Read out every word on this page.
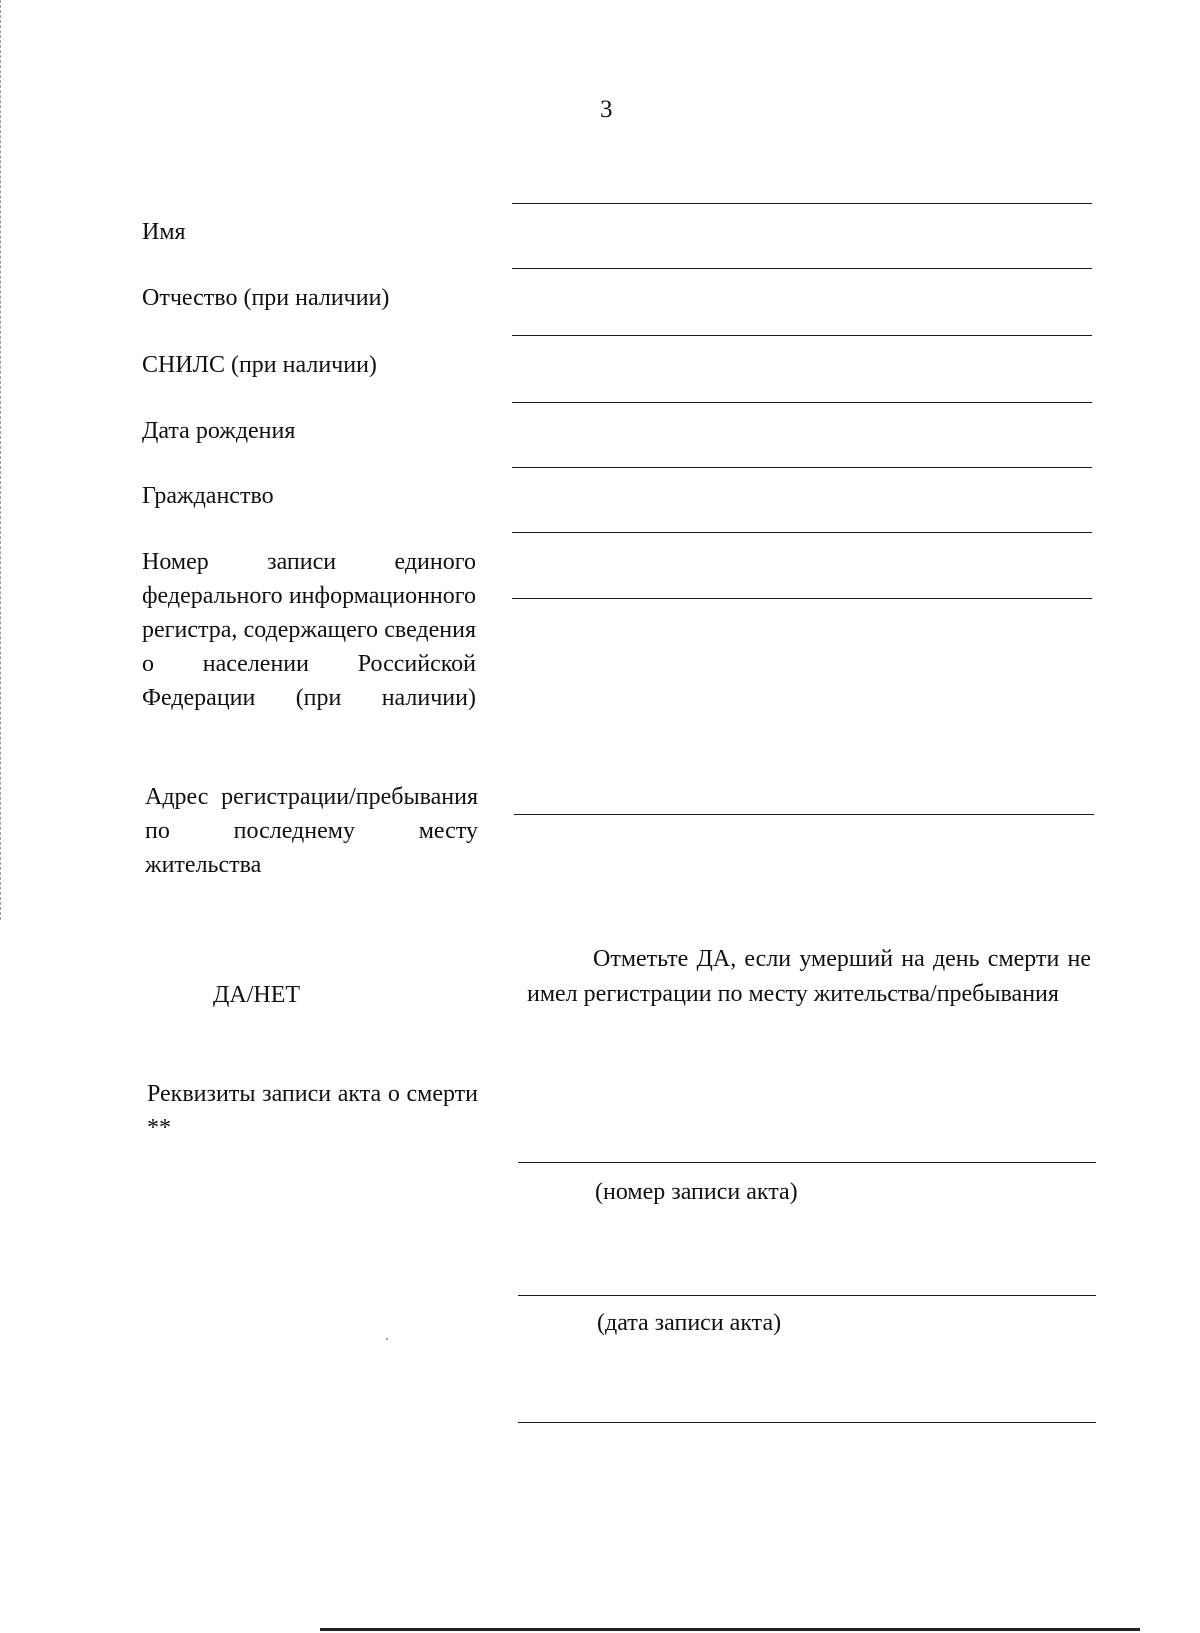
3
Имя
Отчество (при наличии)
СНИЛС (при наличии)
Дата рождения
Гражданство
Номер записи единого федерального информационного регистра, содержащего сведения о населении Российской Федерации (при наличии)
Адрес регистрации/пребывания по последнему месту жительства
ДА/НЕТ
Отметьте ДА, если умерший на день смерти не имел регистрации по месту жительства/пребывания
Реквизиты записи акта о смерти **
(номер записи акта)
(дата записи акта)
